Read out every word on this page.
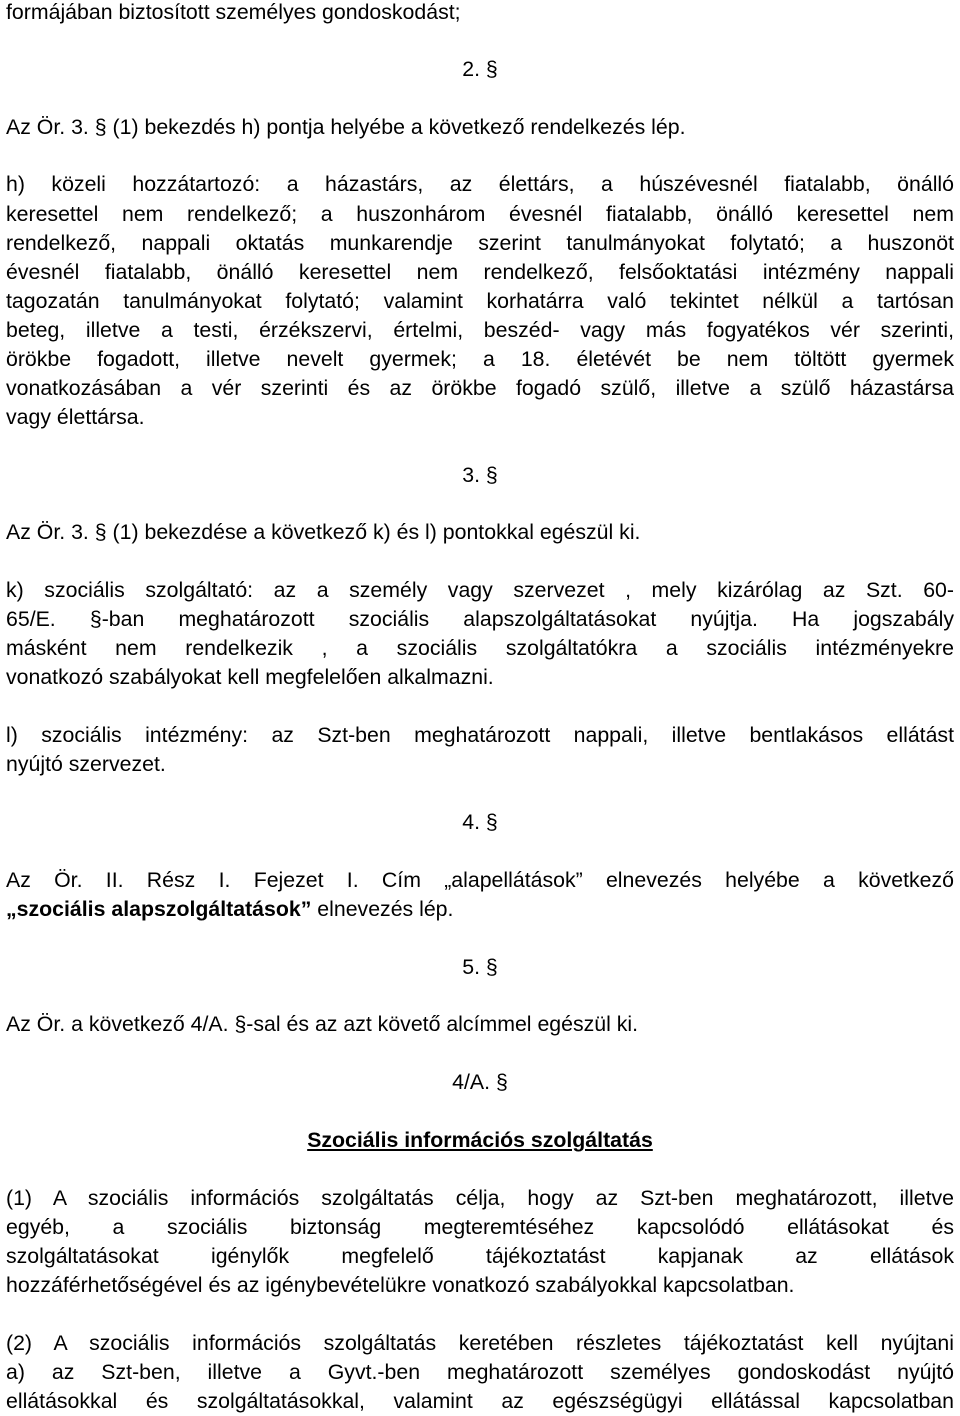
formájában biztosított személyes gondoskodást;

2. §

Az Ör. 3. § (1) bekezdés h) pontja helyébe a következő rendelkezés lép.

h) közeli hozzátartozó: a házastárs, az élettárs, a húszévesnél fiatalabb, önálló

keresettel nem rendelkező; a huszonhárom évesnél fiatalabb, önálló keresettel nem

rendelkező, nappali oktatás munkarendje szerint tanulmányokat folytató; a huszonöt

évesnél fiatalabb, önálló keresettel nem rendelkező, felsőoktatási intézmény nappali

tagozatán tanulmányokat folytató; valamint korhatárra való tekintet nélkül a tartósan

beteg, illetve a testi, érzékszervi, értelmi, beszéd- vagy más fogyatékos vér szerinti,

örökbe fogadott, illetve nevelt gyermek; a 18. életévét be nem töltött gyermek

vonatkozásában a vér szerinti és az örökbe fogadó szülő, illetve a szülő házastársa

vagy élettársa.

3. §

Az Ör. 3. § (1) bekezdése a következő k) és l) pontokkal egészül ki.

k) szociális szolgáltató: az a személy vagy szervezet , mely kizárólag az Szt. 60-

65/E. §-ban meghatározott szociális alapszolgáltatásokat nyújtja. Ha jogszabály

másként nem rendelkezik , a szociális szolgáltatókra a szociális intézményekre

vonatkozó szabályokat kell megfelelően alkalmazni.

l) szociális intézmény: az Szt-ben meghatározott nappali, illetve bentlakásos ellátást

nyújtó szervezet.

4. §

Az Ör. II. Rész I. Fejezet I. Cím „alapellátások” elnevezés helyébe a következő

„szociális alapszolgáltatások” elnevezés lép.

5. §

Az Ör. a következő 4/A. §-sal és az azt követő alcímmel egészül ki.

4/A. §

Szociális információs szolgáltatás

(1) A szociális információs szolgáltatás célja, hogy az Szt-ben meghatározott, illetve

egyéb, a szociális biztonság megteremtéséhez kapcsolódó ellátásokat és

szolgáltatásokat igénylők megfelelő tájékoztatást kapjanak az ellátások

hozzáférhetőségével és az igénybevételükre vonatkozó szabályokkal kapcsolatban.

(2) A szociális információs szolgáltatás keretében részletes tájékoztatást kell nyújtani

a) az Szt-ben, illetve a Gyvt.-ben meghatározott személyes gondoskodást nyújtó

ellátásokkal és szolgáltatásokkal, valamint az egészségügyi ellátással kapcsolatban
